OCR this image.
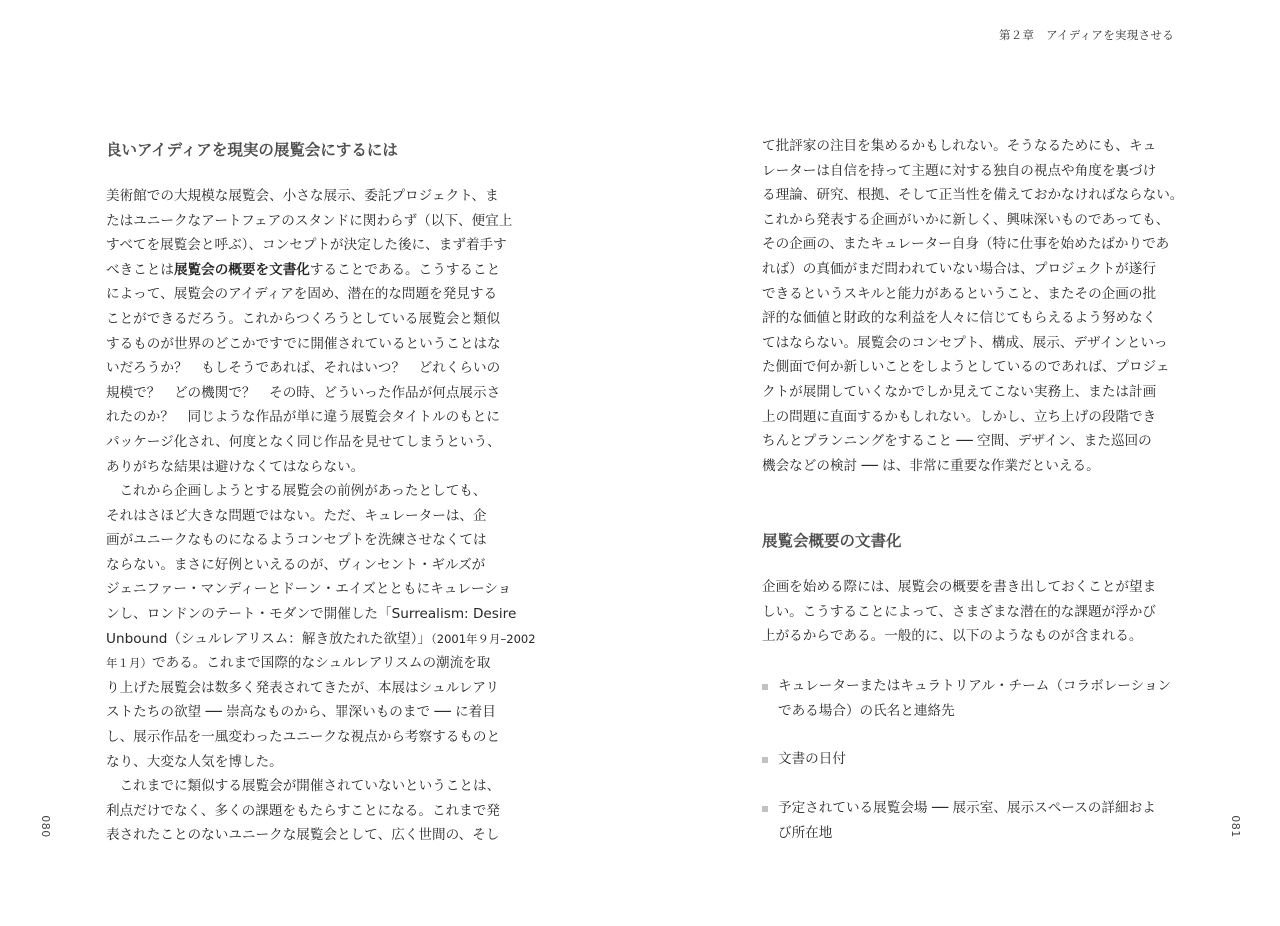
良いアイディアを現実の展覧会にするには
美術館での大規模な展覧会、小さな展示、委託プロジェクト、ま
たはユニークなアートフェアのスタンドに関わらず（以下、便宜上
すべてを展覧会と呼ぶ）、コンセプトが決定した後に、まず着手す
べきことは展覧会の概要を文書化することである。こうすること
によって、展覧会のアイディアを固め、潜在的な問題を発見する
ことができるだろう。これからつくろうとしている展覧会と類似
するものが世界のどこかですでに開催されているということはな
いだろうか？　もしそうであれば、それはいつ？　どれくらいの
規模で？　どの機関で？　その時、どういった作品が何点展示さ
れたのか？　同じような作品が単に違う展覧会タイトルのもとに
パッケージ化され、何度となく同じ作品を見せてしまうという、
ありがちな結果は避けなくてはならない。
　これから企画しようとする展覧会の前例があったとしても、
それはさほど大きな問題ではない。ただ、キュレーターは、企
画がユニークなものになるようコンセプトを洗練させなくては
ならない。まさに好例といえるのが、ヴィンセント・ギルズが
ジェニファー・マンディーとドーン・エイズとともにキュレーショ
ンし、ロンドンのテート・モダンで開催した「Surrealism: Desire
Unbound（シュルレアリスム：解き放たれた欲望）」（2001年９月–2002
年１月）である。これまで国際的なシュルレアリスムの潮流を取
り上げた展覧会は数多く発表されてきたが、本展はシュルレアリ
ストたちの欲望 ── 崇高なものから、罪深いものまで ── に着目
し、展示作品を一風変わったユニークな視点から考察するものと
なり、大変な人気を博した。
　これまでに類似する展覧会が開催されていないということは、
利点だけでなく、多くの課題をもたらすことになる。これまで発
表されたことのないユニークな展覧会として、広く世間の、そし
080
第２章　アイディアを実現させる
て批評家の注目を集めるかもしれない。そうなるためにも、キュ
レーターは自信を持って主題に対する独自の視点や角度を裏づけ
る理論、研究、根拠、そして正当性を備えておかなければならない。
これから発表する企画がいかに新しく、興味深いものであっても、
その企画の、またキュレーター自身（特に仕事を始めたばかりであ
れば）の真価がまだ問われていない場合は、プロジェクトが遂行
できるというスキルと能力があるということ、またその企画の批
評的な価値と財政的な利益を人々に信じてもらえるよう努めなく
てはならない。展覧会のコンセプト、構成、展示、デザインといっ
た側面で何か新しいことをしようとしているのであれば、プロジェ
クトが展開していくなかでしか見えてこない実務上、または計画
上の問題に直面するかもしれない。しかし、立ち上げの段階でき
ちんとプランニングをすること ── 空間、デザイン、また巡回の
機会などの検討 ── は、非常に重要な作業だといえる。
展覧会概要の文書化
企画を始める際には、展覧会の概要を書き出しておくことが望ま
しい。こうすることによって、さまざまな潜在的な課題が浮かび
上がるからである。一般的に、以下のようなものが含まれる。
キュレーターまたはキュラトリアル・チーム（コラボレーション
である場合）の氏名と連絡先
文書の日付
予定されている展覧会場 ── 展示室、展示スペースの詳細およ
び所在地	081
